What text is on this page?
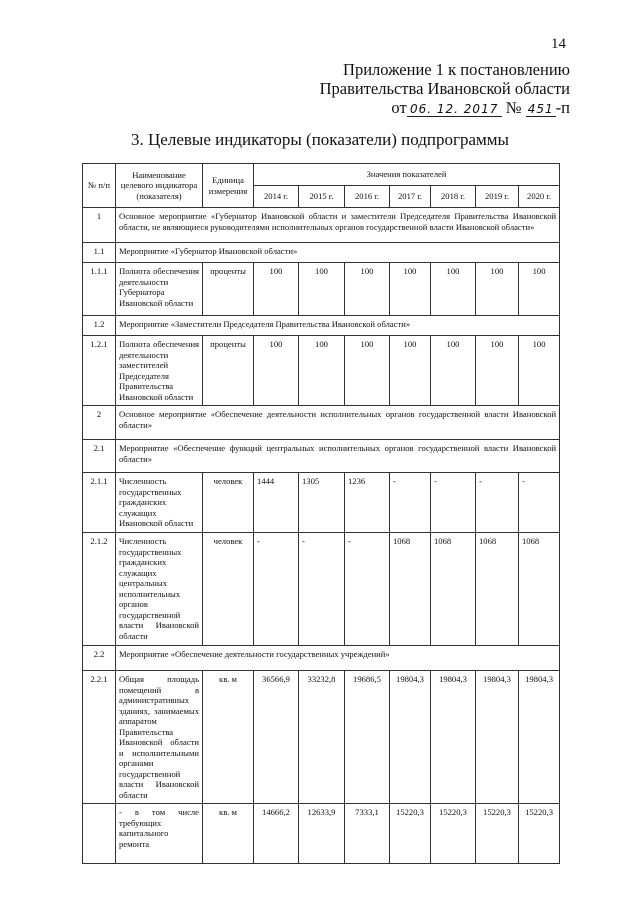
14
Приложение 1 к постановлению
Правительства Ивановской области
от 06. 12. 2017 № 451 -п
3. Целевые индикаторы (показатели) подпрограммы
№ п/п	Наименование целевого индикатора (показателя)	Единица измерения	Значения показателей						
			2014 г.	2015 г.	2016 г.	2017 г.	2018 г.	2019 г.	2020 г.
1	Основное мероприятие «Губернатор Ивановской области и заместители Председателя Правительства Ивановской области, не являющиеся руководителями исполнительных органов государственной власти Ивановской области»								
1.1	Мероприятие «Губернатор Ивановской области»								
1.1.1	Полнота обеспечения деятельности Губернатора Ивановской области	проценты	100	100	100	100	100	100	100
1.2	Мероприятие «Заместители Председателя Правительства Ивановской области»								
1.2.1	Полнота обеспечения деятельности заместителей Председателя Правительства Ивановской области	проценты	100	100	100	100	100	100	100
2	Основное мероприятие «Обеспечение деятельности исполнительных органов государственной власти Ивановской области»								
2.1	Мероприятие «Обеспечение функций центральных исполнительных органов государственной власти Ивановской области»								
2.1.1	Численность государственных гражданских служащих Ивановской области	человек	1444	1305	1236	-	-	-	-
2.1.2	Численность государственных гражданских служащих центральных исполнительных органов государственной власти Ивановской области	человек	-	-	-	1068	1068	1068	1068
2.2	Мероприятие «Обеспечение деятельности государственных учреждений»								
2.2.1	Общая площадь помещений в административных зданиях, занимаемых аппаратом Правительства Ивановской области и исполнительными органами государственной власти Ивановской области	кв. м	36566,9	33232,8	19686,5	19804,3	19804,3	19804,3	19804,3
	- в том числе требующих капитального ремонта	кв. м	14666,2	12633,9	7333,1	15220,3	15220,3	15220,3	15220,3
